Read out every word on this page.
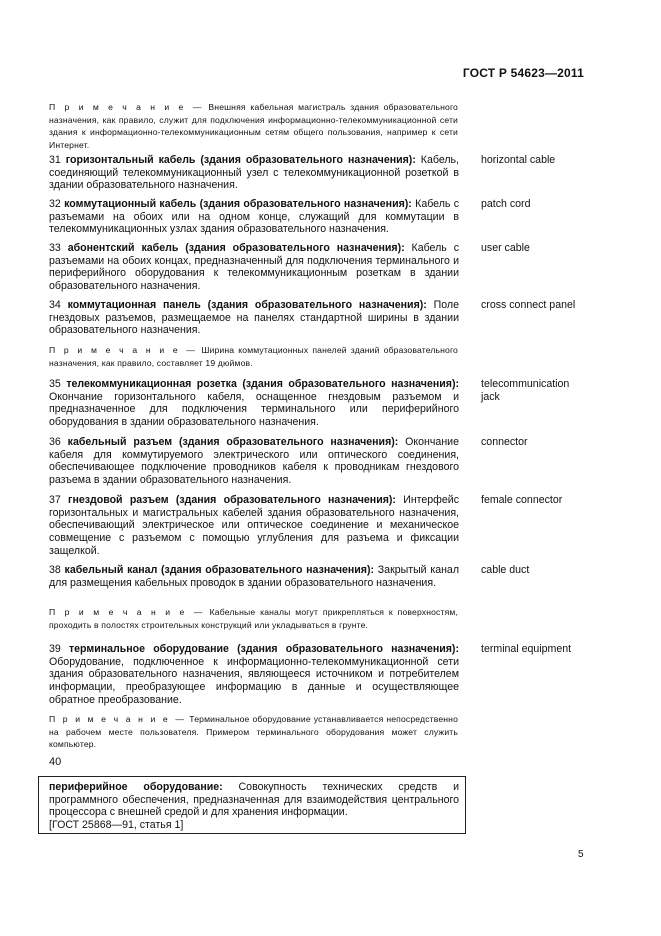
ГОСТ Р 54623—2011
П р и м е ч а н и е — Внешняя кабельная магистраль здания образовательного назначения, как правило, служит для подключения информационно-телекоммуникационной сети здания к информационно-телекоммуникационным сетям общего пользования, например к сети Интернет.
31 горизонтальный кабель (здания образовательного назначения): Кабель, соединяющий телекоммуникационный узел с телекоммуникационной розеткой в здании образовательного назначения.
horizontal cable
32 коммутационный кабель (здания образовательного назначения): Кабель с разъемами на обоих или на одном конце, служащий для коммутации в телекоммуникационных узлах здания образовательного назначения.
patch cord
33 абонентский кабель (здания образовательного назначения): Кабель с разъемами на обоих концах, предназначенный для подключения терминального и периферийного оборудования к телекоммуникационным розеткам в здании образовательного назначения.
user cable
34 коммутационная панель (здания образовательного назначения): Поле гнездовых разъемов, размещаемое на панелях стандартной ширины в здании образовательного назначения.
cross connect panel
П р и м е ч а н и е — Ширина коммутационных панелей зданий образовательного назначения, как правило, составляет 19 дюймов.
35 телекоммуникационная розетка (здания образовательного назначения): Окончание горизонтального кабеля, оснащенное гнездовым разъемом и предназначенное для подключения терминального или периферийного оборудования в здании образовательного назначения.
telecommunication jack
36 кабельный разъем (здания образовательного назначения): Окончание кабеля для коммутируемого электрического или оптического соединения, обеспечивающее подключение проводников кабеля к проводникам гнездового разъема в здании образовательного назначения.
connector
37 гнездовой разъем (здания образовательного назначения): Интерфейс горизонтальных и магистральных кабелей здания образовательного назначения, обеспечивающий электрическое или оптическое соединение и механическое совмещение с разъемом с помощью углубления для разъема и фиксации защелкой.
female connector
38 кабельный канал (здания образовательного назначения): Закрытый канал для размещения кабельных проводок в здании образовательного назначения.
cable duct
П р и м е ч а н и е — Кабельные каналы могут прикрепляться к поверхностям, проходить в полостях строительных конструкций или укладываться в грунте.
39 терминальное оборудование (здания образовательного назначения): Оборудование, подключенное к информационно-телекоммуникационной сети здания образовательного назначения, являющееся источником и потребителем информации, преобразующее информацию в данные и осуществляющее обратное преобразование.
terminal equipment
П р и м е ч а н и е — Терминальное оборудование устанавливается непосредственно на рабочем месте пользователя. Примером терминального оборудования может служить компьютер.
40
периферийное оборудование: Совокупность технических средств и программного обеспечения, предназначенная для взаимодействия центрального процессора с внешней средой и для хранения информации.
[ГОСТ 25868—91, статья 1]
5
